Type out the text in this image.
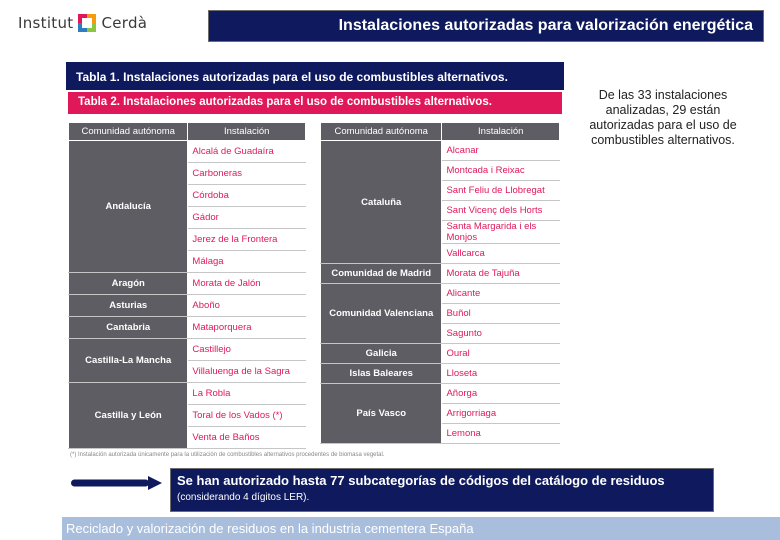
Institut Cerdà	Instalaciones autorizadas para valorización energética
Tabla 1. Instalaciones autorizadas para el uso de combustibles alternativos.
Tabla 2. Instalaciones autorizadas para el uso de combustibles alternativos.
Comunidad autónoma	Instalación
Andalucía	Alcalá de Guadaíra
	Carboneras
	Córdoba
	Gádor
	Jerez de la Frontera
	Málaga
Aragón	Morata de Jalón
Asturias	Aboño
Cantabria	Mataporquera
Castilla-La Mancha	Castillejo
	Villaluenga de la Sagra
Castilla y León	La Robla
	Toral de los Vados (*)
	Venta de Baños
Comunidad autónoma	Instalación
Cataluña	Alcanar
	Montcada i Reixac
	Sant Feliu de Llobregat
	Sant Vicenç dels Horts
	Santa Margarida i els Monjos
	Vallcarca
Comunidad de Madrid	Morata de Tajuña
Comunidad Valenciana	Alicante
	Buñol
	Sagunto
Galicia	Oural
Islas Baleares	Lloseta
País Vasco	Añorga
	Arrigorriaga
	Lemona
(*) Instalación autorizada únicamente para la utilización de combustibles alternativos procedentes de biomasa vegetal.
De las 33 instalaciones analizadas, 29 están autorizadas para el uso de combustibles alternativos.
Se han autorizado hasta 77 subcategorías de códigos del catálogo de residuos
(considerando 4 dígitos LER).
Reciclado y valorización de residuos en la industria cementera España
